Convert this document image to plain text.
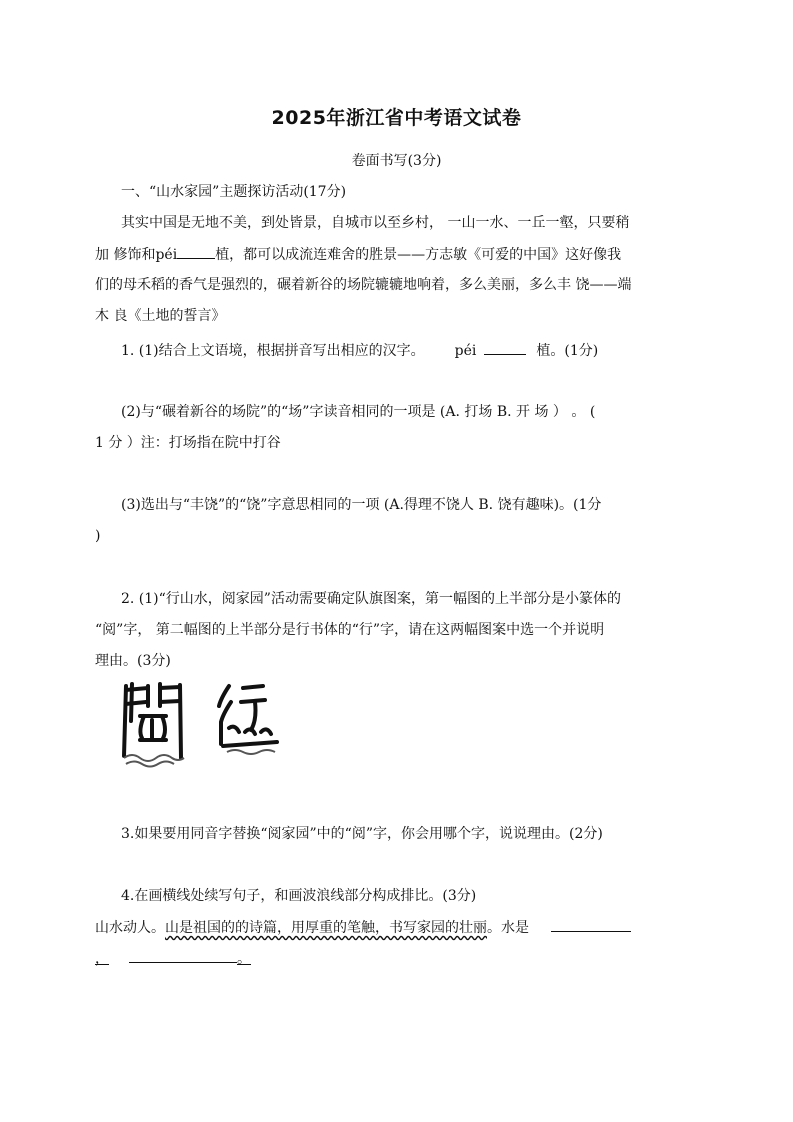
2025年浙江省中考语文试卷
卷面书写(3分)
一、“山水家园”主题探访活动(17分)
其实中国是无地不美，到处皆景，自城市以至乡村， 一山一水、一丘一壑，只要稍
加 修饰和péi	植，都可以成流连难舍的胜景——方志敏《可爱的中国》这好像我
们的母禾稻的香气是强烈的，碾着新谷的场院辘辘地响着，多么美丽，多么丰 饶——端
木 良《土地的誓言》
1. (1)结合上文语境，根据拼音写出相应的汉字。 péi	植。(1分)
(2)与“碾着新谷的场院”的“场”字读音相同的一项是 (A. 打场 B. 开 场 ） 。 (
1 分 ）注：打场指在院中打谷
(3)选出与“丰饶”的“饶”字意思相同的一项 (A.得理不饶人 B. 饶有趣味)。(1分
)
2. (1)“行山水，阅家园”活动需要确定队旗图案，第一幅图的上半部分是小篆体的
“阅”字， 第二幅图的上半部分是行书体的“行”字，请在这两幅图案中选一个并说明
理由。(3分)
3.如果要用同音字替换“阅家园”中的“阅”字，你会用哪个字，说说理由。(2分)
4.在画横线处续写句子，和画波浪线部分构成排比。(3分)
山水动人。山是祖国的的诗篇，用厚重的笔触，书写家园的壮丽。水是
，	。
